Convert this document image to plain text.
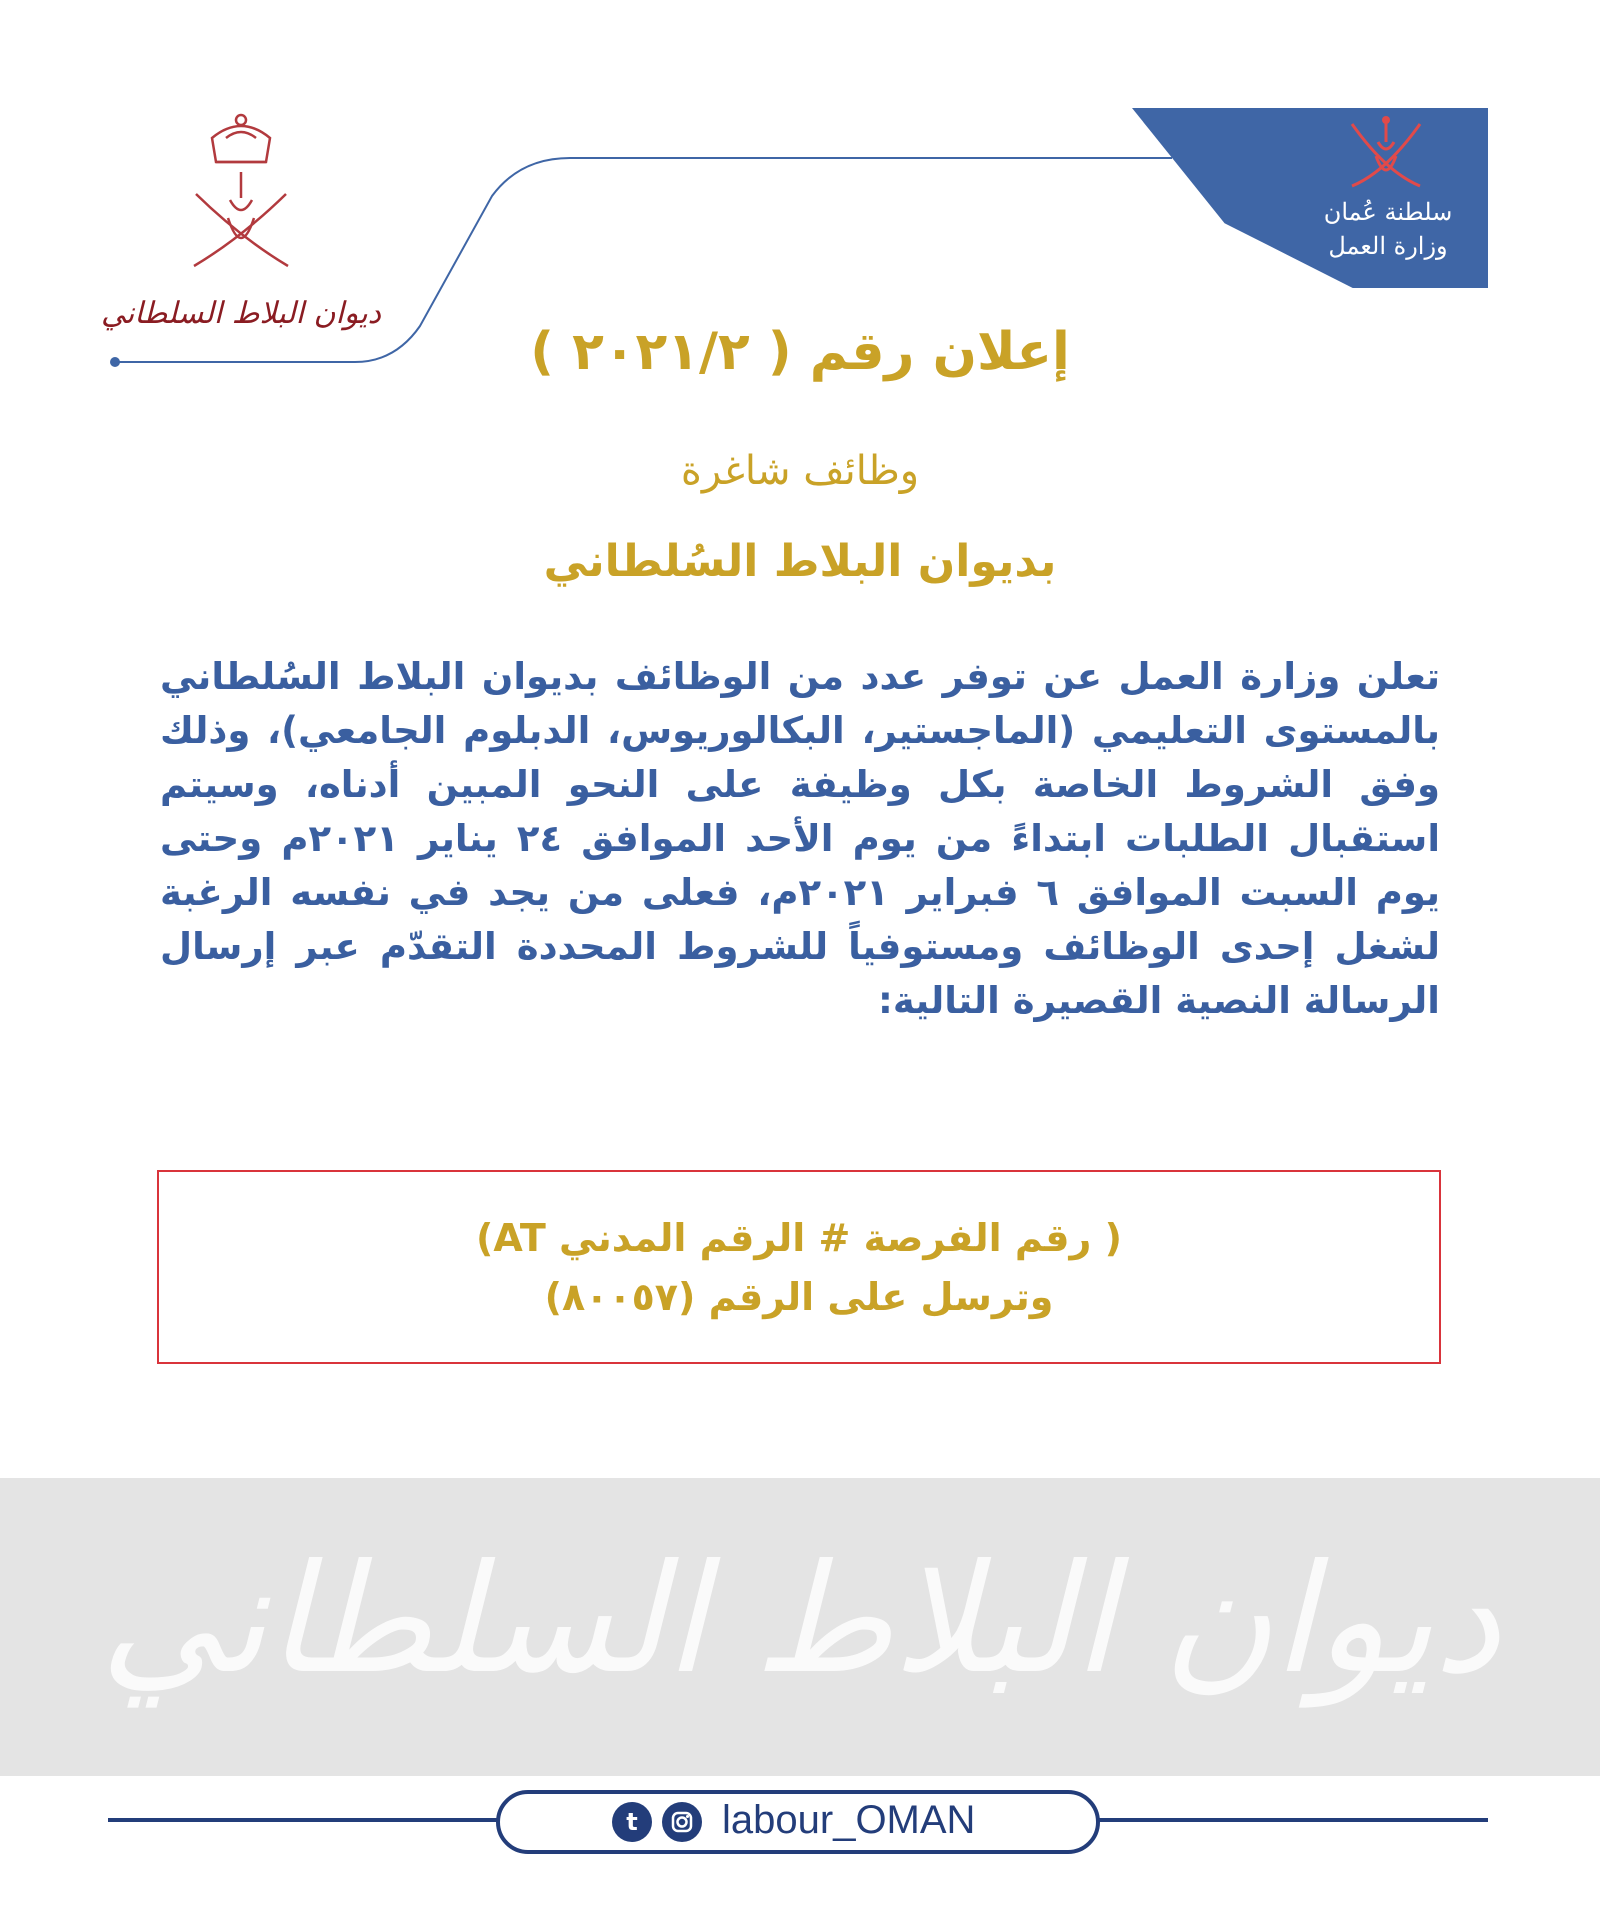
سلطنة عُمان
وزارة العمل
ديوان البلاط السلطاني
إعلان رقم ( ٢٠٢١/٢ )
وظائف شاغرة
بديوان البلاط السُلطاني
تعلن وزارة العمل عن توفر عدد من الوظائف بديوان البلاط السُلطاني بالمستوى التعليمي (الماجستير، البكالوريوس، الدبلوم الجامعي)، وذلك وفق الشروط الخاصة بكل وظيفة على النحو المبين أدناه، وسيتم استقبال الطلبات ابتداءً من يوم الأحد الموافق ٢٤ يناير ٢٠٢١م وحتى يوم السبت الموافق ٦ فبراير ٢٠٢١م، فعلى من يجد في نفسه الرغبة لشغل إحدى الوظائف ومستوفياً للشروط المحددة التقدّم عبر إرسال الرسالة النصية القصيرة التالية:
( رقم الفرصة # الرقم المدني AT)
وترسل على الرقم (٨٠٠٥٧)
ديوان البلاط السلطاني
t	labour_OMAN
